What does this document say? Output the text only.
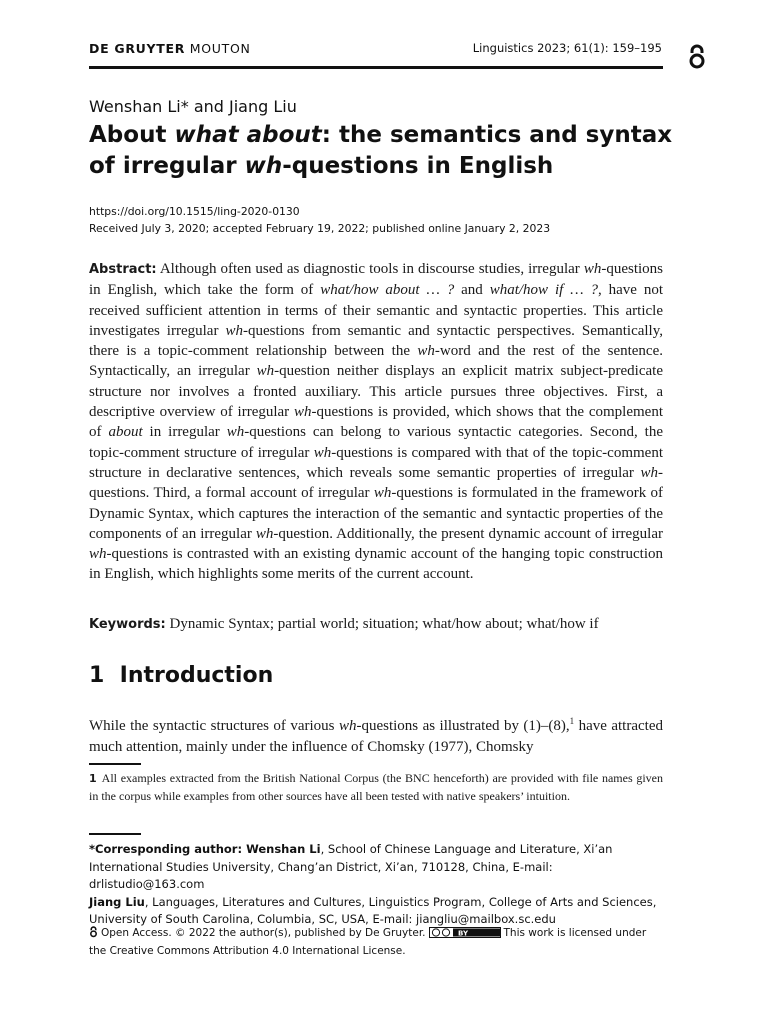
DE GRUYTER MOUTON	Linguistics 2023; 61(1): 159–195
Wenshan Li* and Jiang Liu
About what about: the semantics and syntax
of irregular wh-questions in English
https://doi.org/10.1515/ling-2020-0130
Received July 3, 2020; accepted February 19, 2022; published online January 2, 2023

Abstract: Although often used as diagnostic tools in discourse studies, irregular wh-questions in English, which take the form of what/how about … ? and what/how if … ?, have not received sufficient attention in terms of their semantic and syntactic properties. This article investigates irregular wh-questions from semantic and syntactic perspectives. Semantically, there is a topic-comment relationship between the wh-word and the rest of the sentence. Syntactically, an irregular wh-question neither displays an explicit matrix subject-predicate structure nor involves a fronted auxiliary. This article pursues three objectives. First, a descriptive overview of irregular wh-questions is provided, which shows that the complement of about in irregular wh-questions can belong to various syntactic categories. Second, the topic-comment structure of irregular wh-questions is compared with that of the topic-comment structure in declarative sentences, which reveals some semantic properties of irregular wh-questions. Third, a formal account of irregular wh-questions is formulated in the framework of Dynamic Syntax, which captures the interaction of the semantic and syntactic properties of the components of an irregular wh-question. Additionally, the present dynamic account of irregular wh-questions is contrasted with an existing dynamic account of the hanging topic construction in English, which highlights some merits of the current account.

Keywords: Dynamic Syntax; partial world; situation; what/how about; what/how if
1 Introduction

While the syntactic structures of various wh-questions as illustrated by (1)–(8),$^1$ have attracted much attention, mainly under the influence of Chomsky (1977), Chomsky

1 All examples extracted from the British National Corpus (the BNC henceforth) are provided with file names given in the corpus while examples from other sources have all been tested with native speakers’ intuition.

*Corresponding author: Wenshan Li, School of Chinese Language and Literature, Xi’an International Studies University, Chang’an District, Xi’an, 710128, China, E-mail: drlistudio@163.com
Jiang Liu, Languages, Literatures and Cultures, Linguistics Program, College of Arts and Sciences, University of South Carolina, Columbia, SC, USA, E-mail: jiangliu@mailbox.sc.edu

Open Access. © 2022 the author(s), published by De Gruyter.	BY	This work is licensed under the Creative Commons Attribution 4.0 International License.
